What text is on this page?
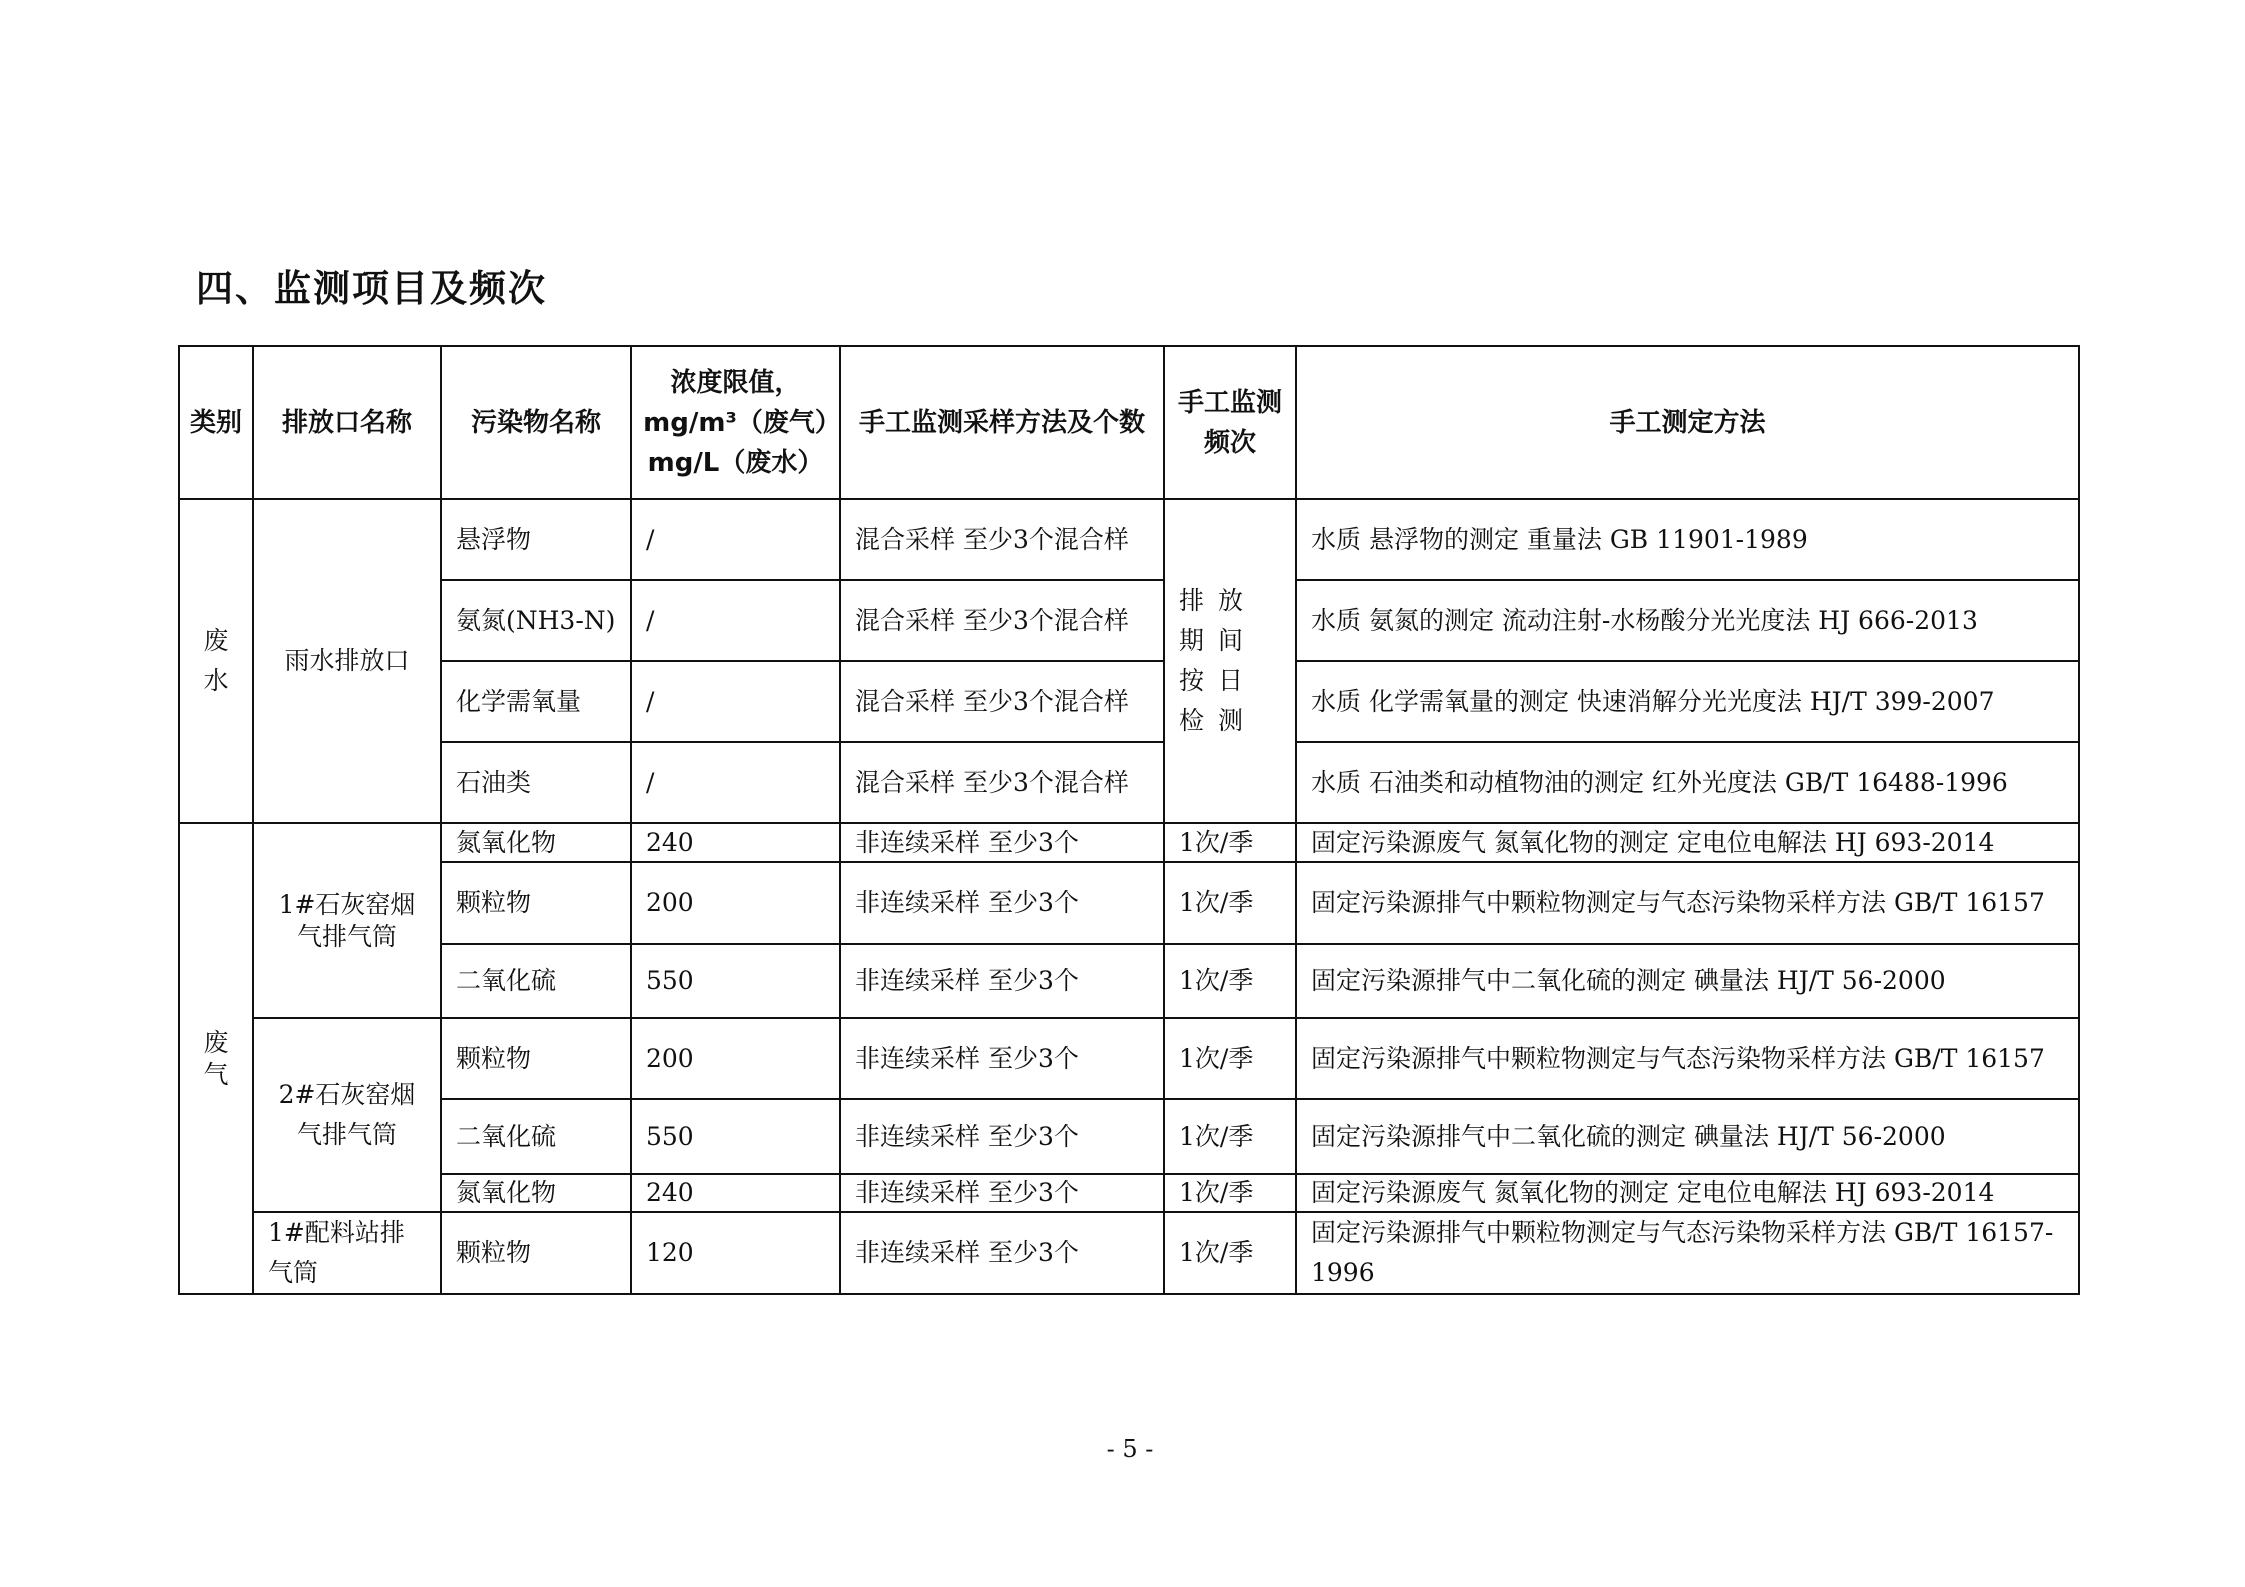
四、监测项目及频次
类别	排放口名称	污染物名称	浓度限值，mg/m³（废气）mg/L（废水）	手工监测采样方法及个数	手工监测频次	手工测定方法
废水	雨水排放口	悬浮物	/	混合采样 至少3个混合样	排放期间按日检测	水质 悬浮物的测定 重量法 GB 11901-1989
		氨氮(NH3-N)	/	混合采样 至少3个混合样		水质 氨氮的测定 流动注射-水杨酸分光光度法 HJ 666-2013
		化学需氧量	/	混合采样 至少3个混合样		水质 化学需氧量的测定 快速消解分光光度法 HJ/T 399-2007
		石油类	/	混合采样 至少3个混合样		水质 石油类和动植物油的测定 红外光度法 GB/T 16488-1996
废气	1#石灰窑烟气排气筒	氮氧化物	240	非连续采样 至少3个	1次/季	固定污染源废气 氮氧化物的测定 定电位电解法 HJ 693-2014
		颗粒物	200	非连续采样 至少3个	1次/季	固定污染源排气中颗粒物测定与气态污染物采样方法 GB/T 16157
		二氧化硫	550	非连续采样 至少3个	1次/季	固定污染源排气中二氧化硫的测定 碘量法 HJ/T 56-2000
	2#石灰窑烟气排气筒	颗粒物	200	非连续采样 至少3个	1次/季	固定污染源排气中颗粒物测定与气态污染物采样方法 GB/T 16157
		二氧化硫	550	非连续采样 至少3个	1次/季	固定污染源排气中二氧化硫的测定 碘量法 HJ/T 56-2000
		氮氧化物	240	非连续采样 至少3个	1次/季	固定污染源废气 氮氧化物的测定 定电位电解法 HJ 693-2014
	1#配料站排气筒	颗粒物	120	非连续采样 至少3个	1次/季	固定污染源排气中颗粒物测定与气态污染物采样方法 GB/T 16157-1996
- 5 -
